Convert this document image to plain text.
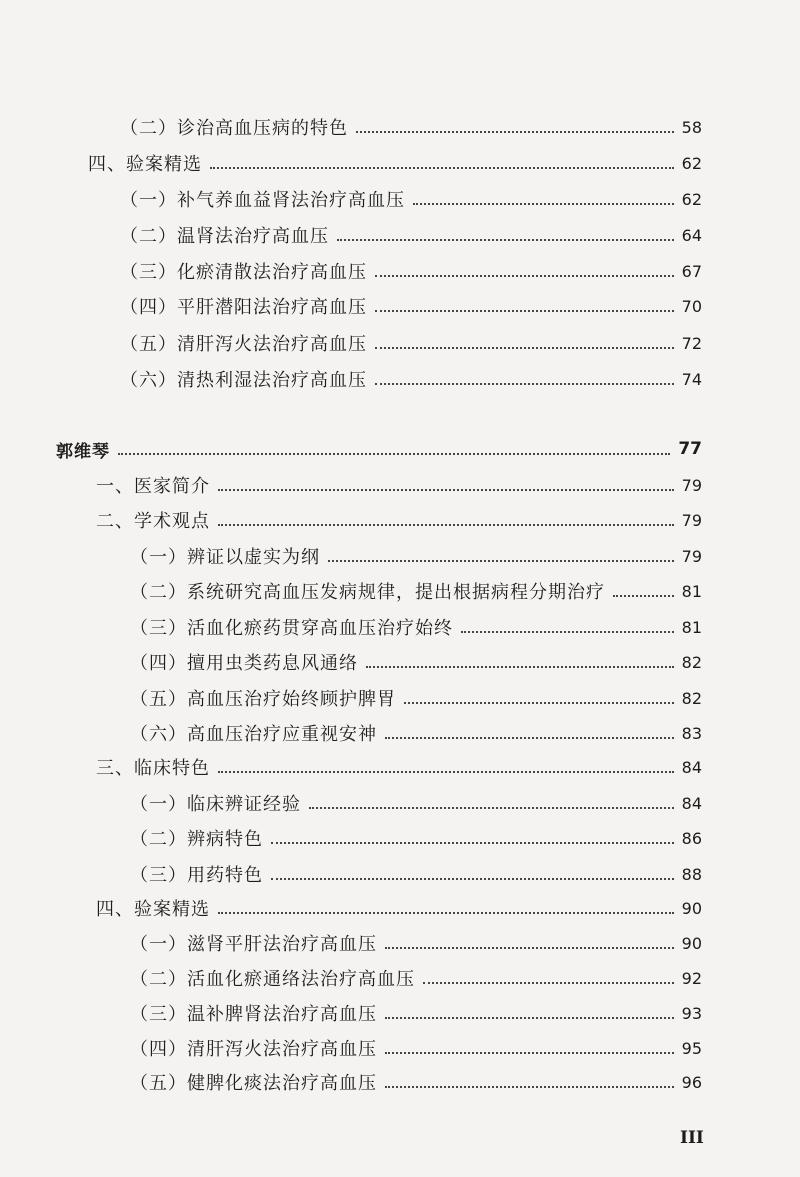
（二）诊治高血压病的特色	58
四、验案精选	62
（一）补气养血益肾法治疗高血压	62
（二）温肾法治疗高血压	64
（三）化瘀清散法治疗高血压	67
（四）平肝潜阳法治疗高血压	70
（五）清肝泻火法治疗高血压	72
（六）清热利湿法治疗高血压	74
郭维琴	77
一、医家简介	79
二、学术观点	79
（一）辨证以虚实为纲	79
（二）系统研究高血压发病规律，提出根据病程分期治疗	81
（三）活血化瘀药贯穿高血压治疗始终	81
（四）擅用虫类药息风通络	82
（五）高血压治疗始终顾护脾胃	82
（六）高血压治疗应重视安神	83
三、临床特色	84
（一）临床辨证经验	84
（二）辨病特色	86
（三）用药特色	88
四、验案精选	90
（一）滋肾平肝法治疗高血压	90
（二）活血化瘀通络法治疗高血压	92
（三）温补脾肾法治疗高血压	93
（四）清肝泻火法治疗高血压	95
（五）健脾化痰法治疗高血压	96
III
